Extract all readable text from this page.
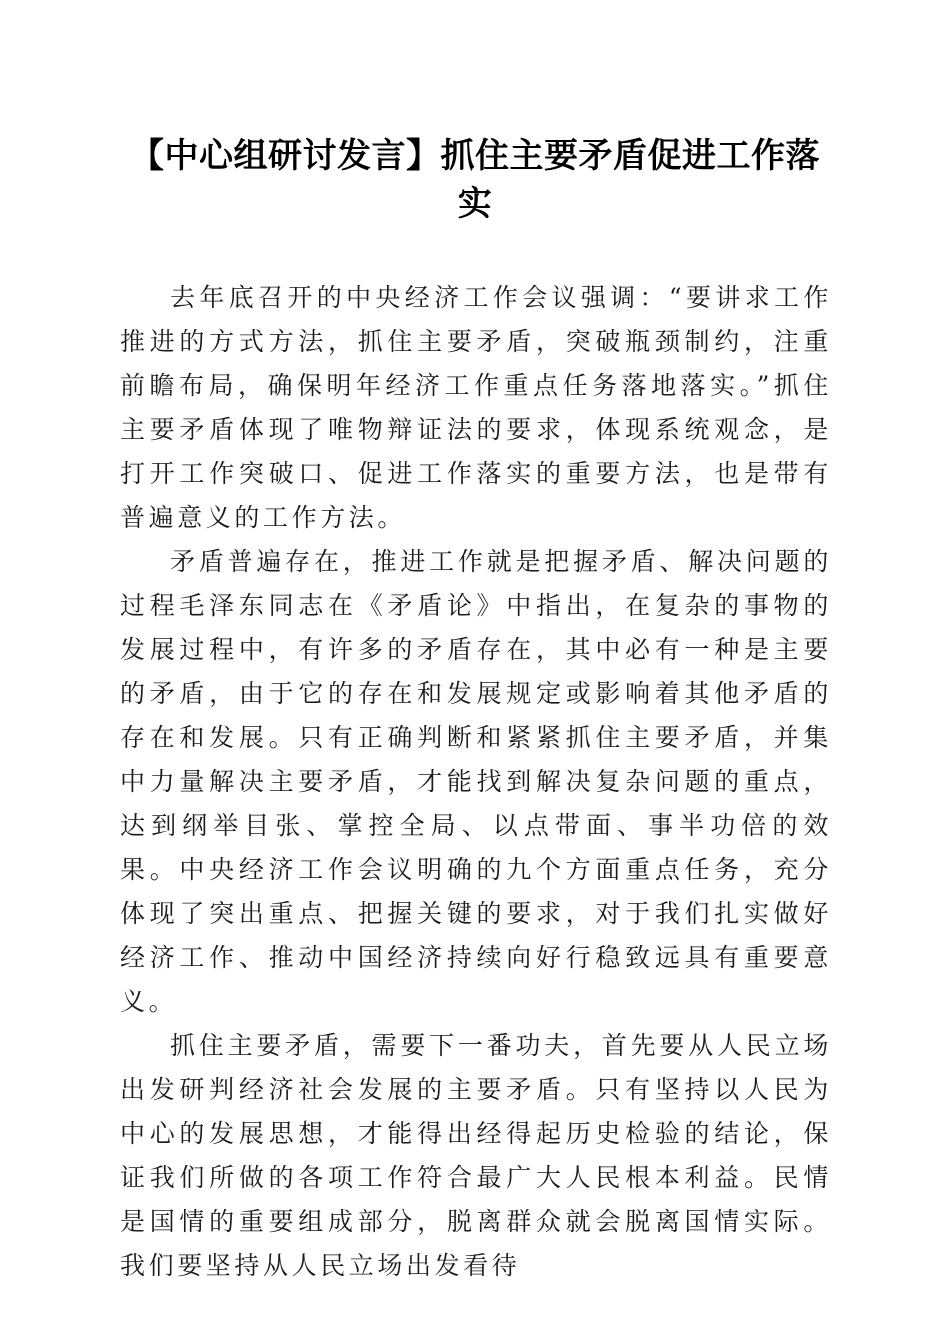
【中心组研讨发言】抓住主要矛盾促进工作落实

去年底召开的中央经济工作会议强调：“要讲求工作推进的方式方法，抓住主要矛盾，突破瓶颈制约，注重前瞻布局，确保明年经济工作重点任务落地落实。”抓住主要矛盾体现了唯物辩证法的要求，体现系统观念，是打开工作突破口、促进工作落实的重要方法，也是带有普遍意义的工作方法。

矛盾普遍存在，推进工作就是把握矛盾、解决问题的过程毛泽东同志在《矛盾论》中指出，在复杂的事物的发展过程中，有许多的矛盾存在，其中必有一种是主要的矛盾，由于它的存在和发展规定或影响着其他矛盾的存在和发展。只有正确判断和紧紧抓住主要矛盾，并集中力量解决主要矛盾，才能找到解决复杂问题的重点，达到纲举目张、掌控全局、以点带面、事半功倍的效果。中央经济工作会议明确的九个方面重点任务，充分体现了突出重点、把握关键的要求，对于我们扎实做好经济工作、推动中国经济持续向好行稳致远具有重要意义。

抓住主要矛盾，需要下一番功夫，首先要从人民立场出发研判经济社会发展的主要矛盾。只有坚持以人民为中心的发展思想，才能得出经得起历史检验的结论，保证我们所做的各项工作符合最广大人民根本利益。民情是国情的重要组成部分，脱离群众就会脱离国情实际。我们要坚持从人民立场出发看待
